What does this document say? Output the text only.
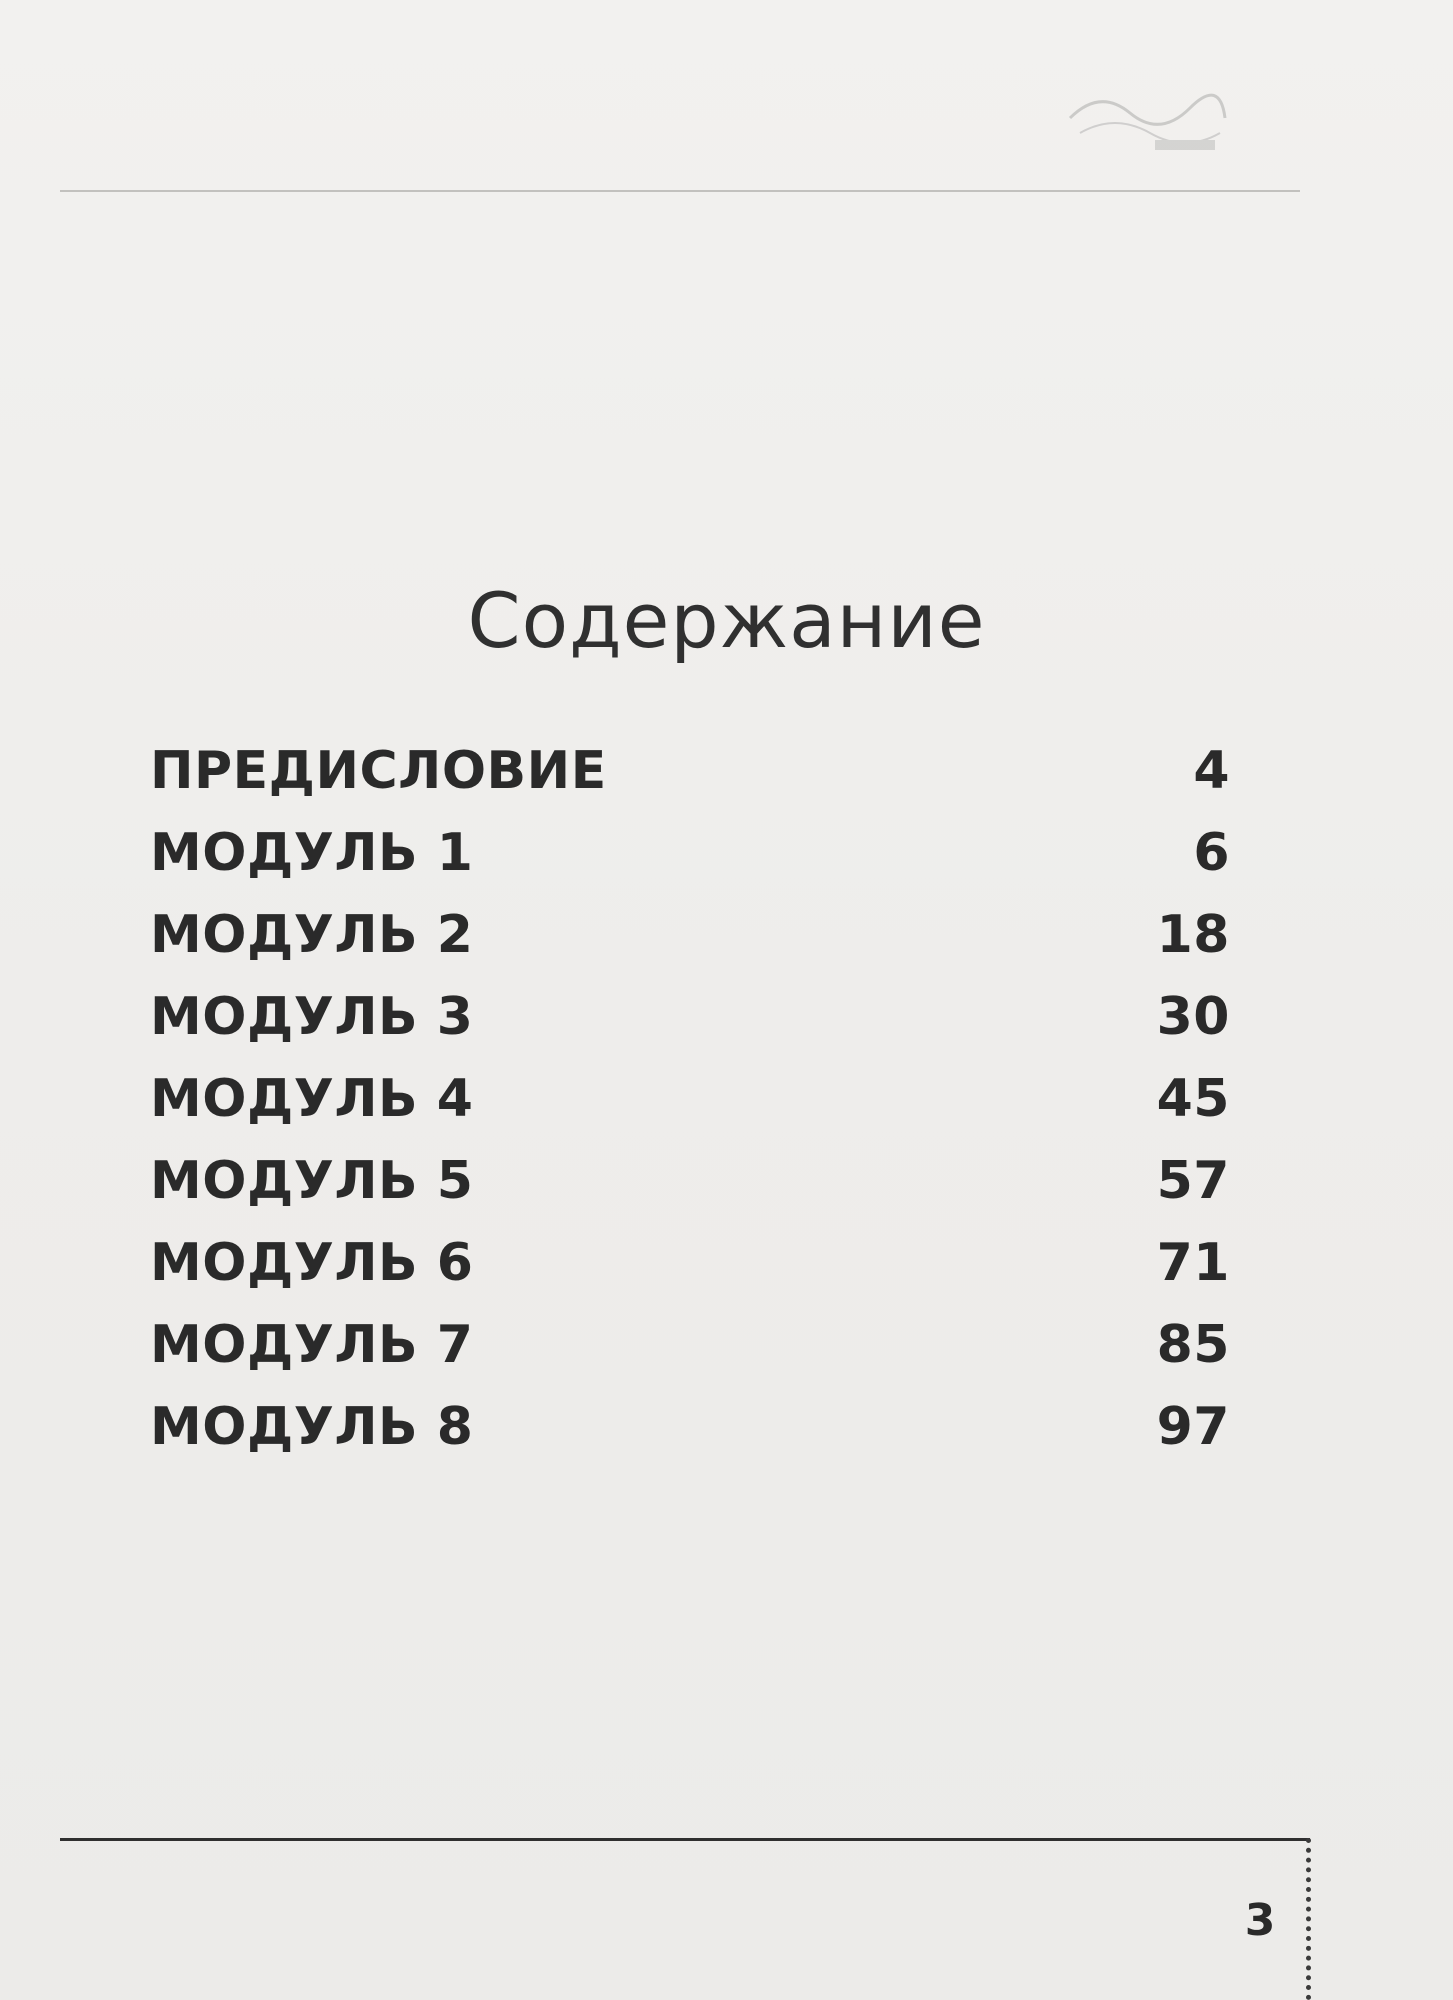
Содержание
ПРЕДИСЛОВИЕ	4
МОДУЛЬ 1	6
МОДУЛЬ 2	18
МОДУЛЬ 3	30
МОДУЛЬ 4	45
МОДУЛЬ 5	57
МОДУЛЬ 6	71
МОДУЛЬ 7	85
МОДУЛЬ 8	97
3
